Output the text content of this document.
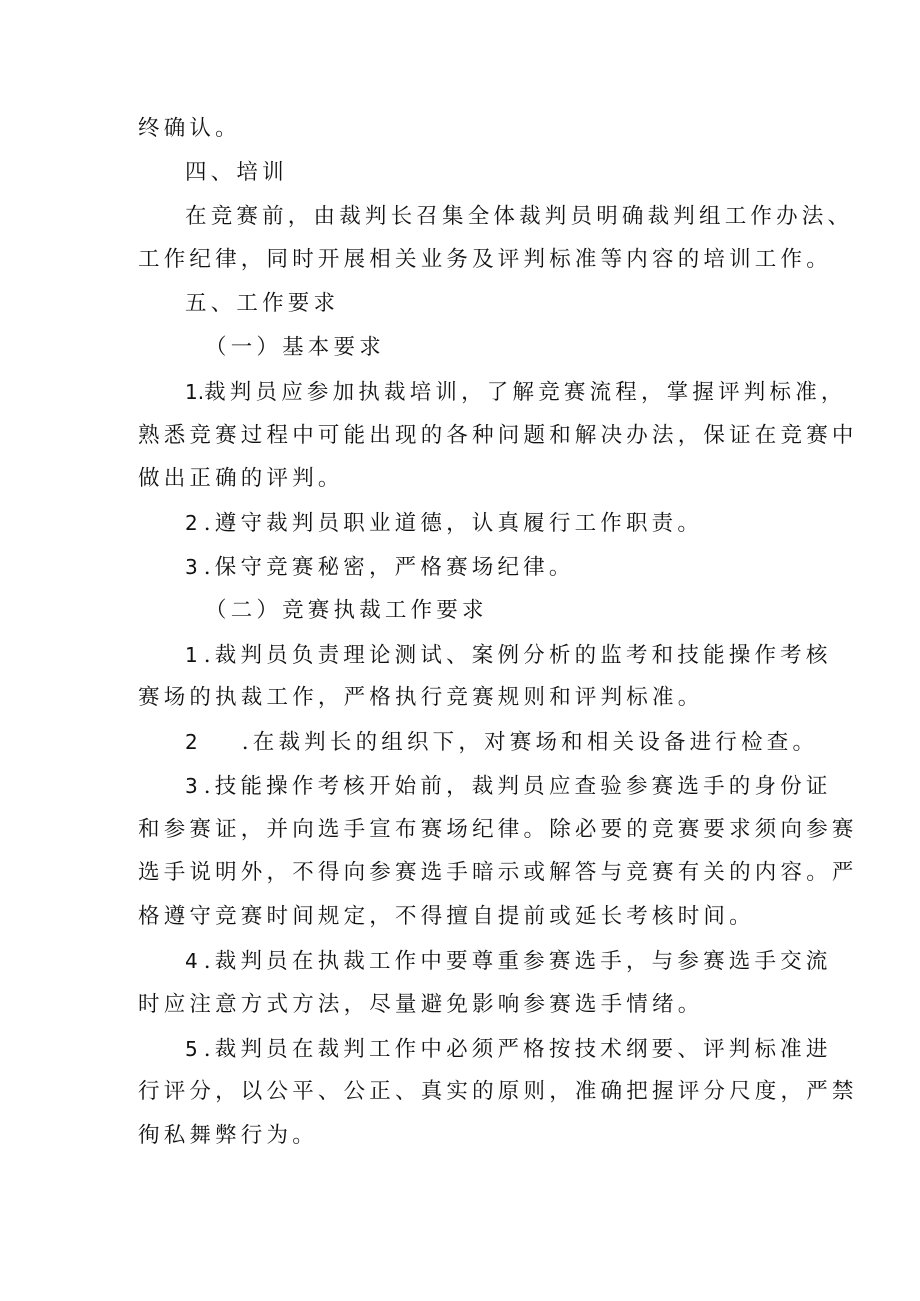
终确认。
四、培训
在竞赛前，由裁判长召集全体裁判员明确裁判组工作办法、
工作纪律，同时开展相关业务及评判标准等内容的培训工作。
五、工作要求
（一）基本要求
1.裁判员应参加执裁培训，了解竞赛流程，掌握评判标准，
熟悉竞赛过程中可能出现的各种问题和解决办法，保证在竞赛中
做出正确的评判。
2 .遵守裁判员职业道德，认真履行工作职责。
3 .保守竞赛秘密，严格赛场纪律。
（二）竞赛执裁工作要求
1 .裁判员负责理论测试、案例分析的监考和技能操作考核
赛场的执裁工作，严格执行竞赛规则和评判标准。
2 .在裁判长的组织下，对赛场和相关设备进行检查。
3 .技能操作考核开始前，裁判员应查验参赛选手的身份证
和参赛证，并向选手宣布赛场纪律。除必要的竞赛要求须向参赛
选手说明外，不得向参赛选手暗示或解答与竞赛有关的内容。严
格遵守竞赛时间规定，不得擅自提前或延长考核时间。
4 .裁判员在执裁工作中要尊重参赛选手，与参赛选手交流
时应注意方式方法，尽量避免影响参赛选手情绪。
5 .裁判员在裁判工作中必须严格按技术纲要、评判标准进
行评分，以公平、公正、真实的原则，准确把握评分尺度，严禁
徇私舞弊行为。
